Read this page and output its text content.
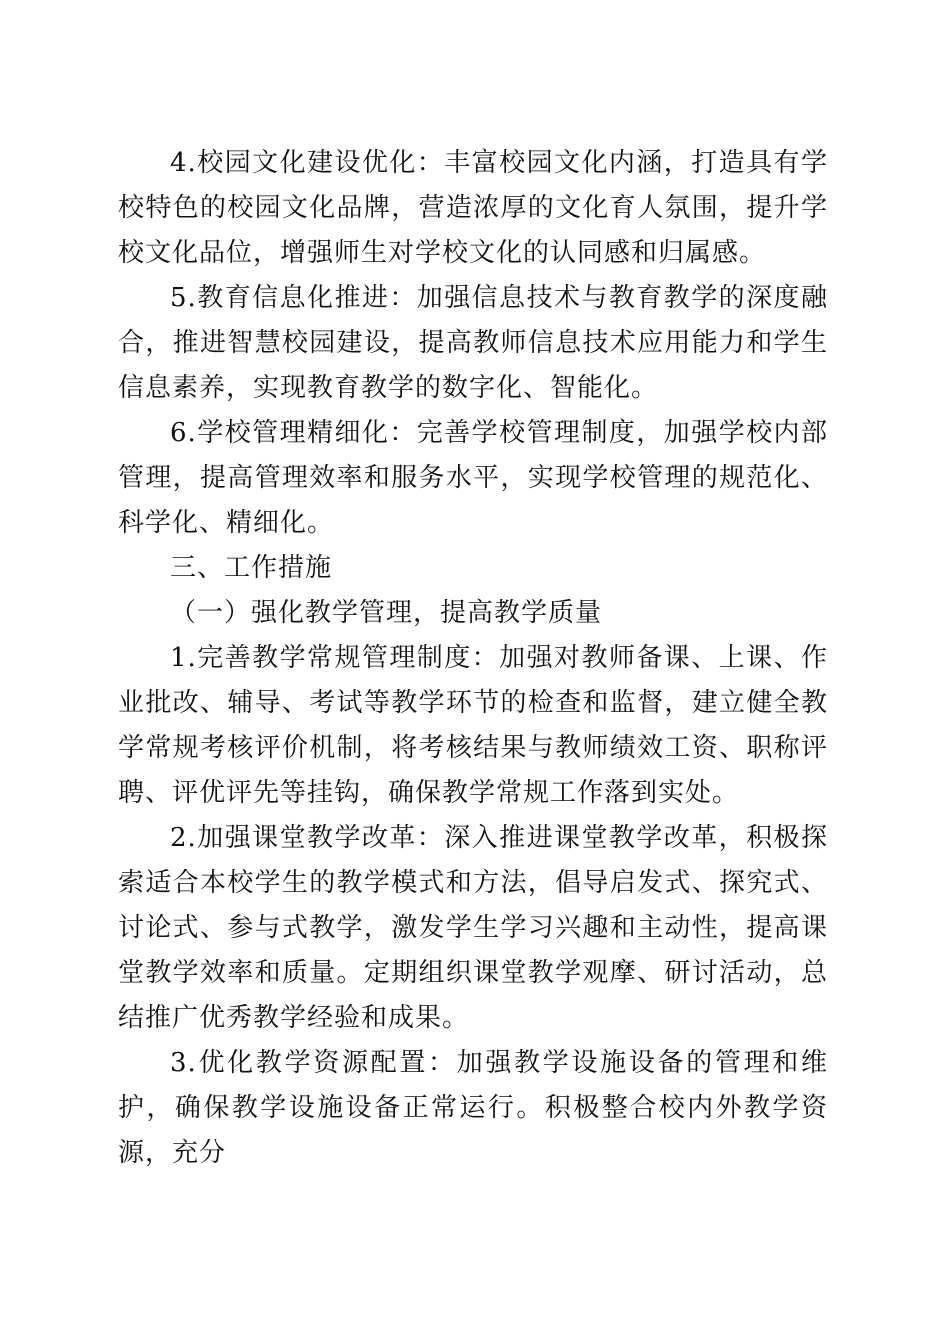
4.校园文化建设优化：丰富校园文化内涵，打造具有学校特色的校园文化品牌，营造浓厚的文化育人氛围，提升学校文化品位，增强师生对学校文化的认同感和归属感。

5.教育信息化推进：加强信息技术与教育教学的深度融合，推进智慧校园建设，提高教师信息技术应用能力和学生信息素养，实现教育教学的数字化、智能化。

6.学校管理精细化：完善学校管理制度，加强学校内部管理，提高管理效率和服务水平，实现学校管理的规范化、科学化、精细化。

三、工作措施

（一）强化教学管理，提高教学质量

1.完善教学常规管理制度：加强对教师备课、上课、作业批改、辅导、考试等教学环节的检查和监督，建立健全教学常规考核评价机制，将考核结果与教师绩效工资、职称评聘、评优评先等挂钩，确保教学常规工作落到实处。

2.加强课堂教学改革：深入推进课堂教学改革，积极探索适合本校学生的教学模式和方法，倡导启发式、探究式、讨论式、参与式教学，激发学生学习兴趣和主动性，提高课堂教学效率和质量。定期组织课堂教学观摩、研讨活动，总结推广优秀教学经验和成果。

3.优化教学资源配置：加强教学设施设备的管理和维护，确保教学设施设备正常运行。积极整合校内外教学资源，充分
